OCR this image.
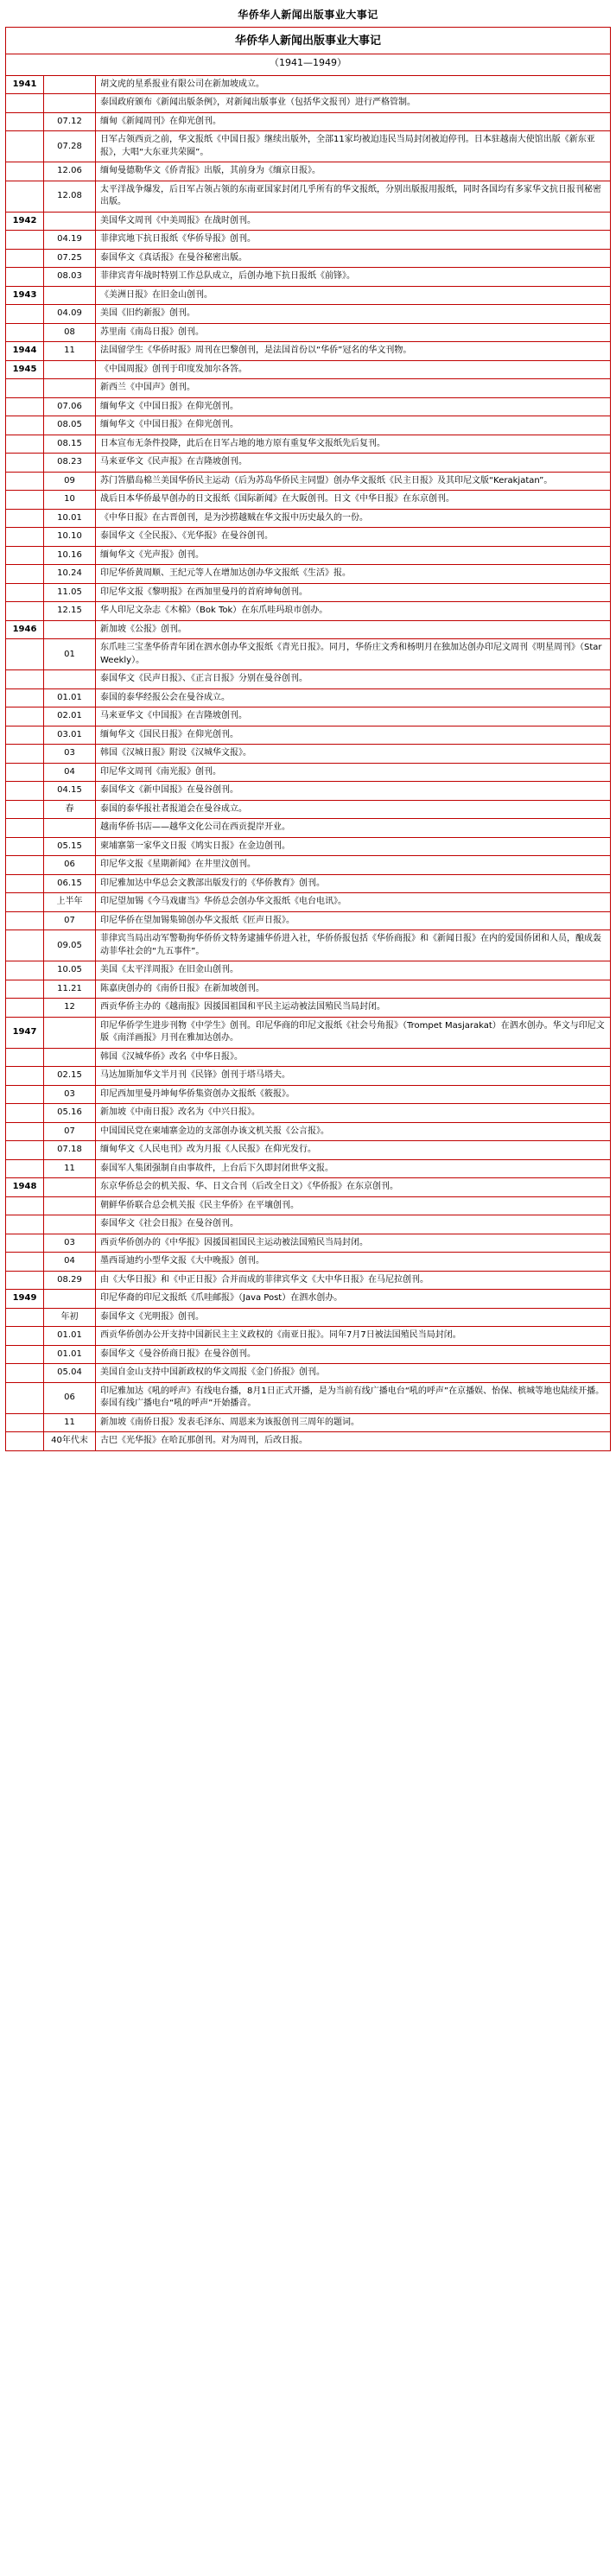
华侨华人新闻出版事业大事记
华侨华人新闻出版事业大事记		
（1941—1949）		
1941		胡文虎的星系报业有限公司在新加坡成立。
		泰国政府颁布《新闻出版条例》，对新闻出版事业（包括华文报刊）进行严格管制。
	07.12	缅甸《新闻周刊》在仰光创刊。
	07.28	日军占领西贡之前，华文报纸《中国日报》继续出版外，全部11家均被迫违民当局封闭被迫停刊。日本驻越南大使馆出版《新东亚报》，大唱“大东亚共荣圈”。
	12.06	缅甸曼德勒华文《侨青报》出版，其前身为《缅京日报》。
	12.08	太平洋战争爆发，后日军占领占领的东南亚国家封闭几乎所有的华文报纸，分别出版报用报纸，同时各国均有多家华文抗日报刊秘密出版。
1942		美国华文周刊《中美周报》在战时创刊。
	04.19	菲律宾地下抗日报纸《华侨导报》创刊。
	07.25	泰国华文《真话报》在曼谷秘密出版。
	08.03	菲律宾青年战时特别工作总队成立，后创办地下抗日报纸《前锋》。
1943		《美洲日报》在旧金山创刊。
	04.09	美国《旧约新报》创刊。
	08	苏里南《南岛日报》创刊。
1944	11	法国留学生《华侨时报》周刊在巴黎创刊，是法国首份以“华侨”冠名的华文刊物。
1945		《中国周报》创刊于印度发加尔各答。
		新西兰《中国声》创刊。
	07.06	缅甸华文《中国日报》在仰光创刊。
	08.05	缅甸华文《中国日报》在仰光创刊。
	08.15	日本宣布无条件投降，此后在日军占地的地方原有重复华文报纸先后复刊。
	08.23	马来亚华文《民声报》在吉隆坡创刊。
	09	苏门答腊岛棉兰美国华侨民主运动（后为苏岛华侨民主同盟）创办华文报纸《民主日报》及其印尼文版“Kerakjatan”。
	10	战后日本华侨最早创办的日文报纸《国际新闻》在大阪创刊。日文《中华日报》在东京创刊。
	10.01	《中华日报》在古晋创刊，是为沙捞越贼在华文报中历史最久的一份。
	10.10	泰国华文《全民报》、《光华报》在曼谷创刊。
	10.16	缅甸华文《光声报》创刊。
	10.24	印尼华侨黄周顺、王纪元等人在增加达创办华文报纸《生活》报。
	11.05	印尼华文报《黎明报》在西加里曼丹的首府坤甸创刊。
	12.15	华人印尼文杂志《木棉》（Bok Tok）在东爪哇玛琅市创办。
1946		新加坡《公报》创刊。
	01	东爪哇三宝垄华侨青年团在泗水创办华文报纸《青光日报》。同月，华侨庄文秀和杨明月在独加达创办印尼文周刊《明星周刊》（Star Weekly）。
		泰国华文《民声日报》、《正言日报》分别在曼谷创刊。
	01.01	泰国的泰华经报公会在曼谷成立。
	02.01	马来亚华文《中国报》在吉隆坡创刊。
	03.01	缅甸华文《国民日报》在仰光创刊。
	03	韩国《汉城日报》附设《汉城华文报》。
	04	印尼华文周刊《南光报》创刊。
	04.15	泰国华文《新中国报》在曼谷创刊。
	春	泰国的泰华报社者报道会在曼谷成立。
		越南华侨书店——越华文化公司在西贡提岸开业。
	05.15	柬埔寨第一家华文日报《鸠实日报》在金边创刊。
	06	印尼华文报《星期新闻》在井里汶创刊。
	06.15	印尼雅加达中华总会文教部出版发行的《华侨教育》创刊。
	上半年	印尼望加锡《今马戏庸当》华侨总会创办华文报纸《电台电讯》。
	07	印尼华侨在望加锡集锦创办华文报纸《匠声日报》。
	09.05	菲律宾当局出动军警勒拘华侨侨文特务逮捕华侨进入社，华侨侨报包括《华侨商报》和《新闻日报》在内的爱国侨团和人员，酿成轰动菲华社会的“九五事件”。
	10.05	美国《太平洋周报》在旧金山创刊。
	11.21	陈嘉庚创办的《南侨日报》在新加坡创刊。
	12	西贡华侨主办的《越南报》因援国祖国和平民主运动被法国殖民当局封闭。
1947		印尼华侨学生进步刊物《中学生》创刊。印尼华商的印尼文报纸《社会号角报》（Trompet Masjarakat）在泗水创办。华文与印尼文版《南洋画报》月刊在雅加达创办。
		韩国《汉城华侨》改名《中华日报》。
	02.15	马达加斯加华文半月刊《民锋》创刊于塔马塔夫。
	03	印尼西加里曼丹坤甸华侨集资创办文报纸《筱报》。
	05.16	新加坡《中南日报》改名为《中兴日报》。
	07	中国国民党在柬埔寨金边的支部创办该文机关报《公言报》。
	07.18	缅甸华文《人民电刊》改为月报《人民报》在仰光发行。
	11	泰国军人集团强制自由事故件，上台后下久即封闭世华文报。
1948		东京华侨总会的机关报、华、日文合刊（后改全日文）《华侨报》在东京创刊。
		朝鲜华侨联合总会机关报《民主华侨》在平壤创刊。
		泰国华文《社会日报》在曼谷创刊。
	03	西贡华侨创办的《中华报》因援国祖国民主运动被法国殖民当局封闭。
	04	墨西哥迪约小型华文报《大中晚报》创刊。
	08.29	由《大华日报》和《中正日报》合并而成的菲律宾华文《大中华日报》在马尼拉创刊。
1949		印尼华裔的印尼文报纸《爪哇邮报》（Java Post）在泗水创办。
	年初	泰国华文《光明报》创刊。
	01.01	西贡华侨创办公开支持中国新民主主义政权的《南亚日报》。同年7月7日被法国殖民当局封闭。
	01.01	泰国华文《曼谷侨商日报》在曼谷创刊。
	05.04	美国自金山支持中国新政权的华文周报《金门侨报》创刊。
	06	印尼雅加达《吼的呼声》有线电台播，8月1日正式开播，是为当前有线广播电台“吼的呼声”在京播娱、怡保、槟城等地也陆续开播。泰国有线广播电台“吼的呼声”开始播音。
	11	新加坡《南侨日报》发表毛泽东、周恩来为该报创刊三周年的题词。
	40年代末	古巴《光华报》在哈瓦那创刊。对为周刊，后改日报。
